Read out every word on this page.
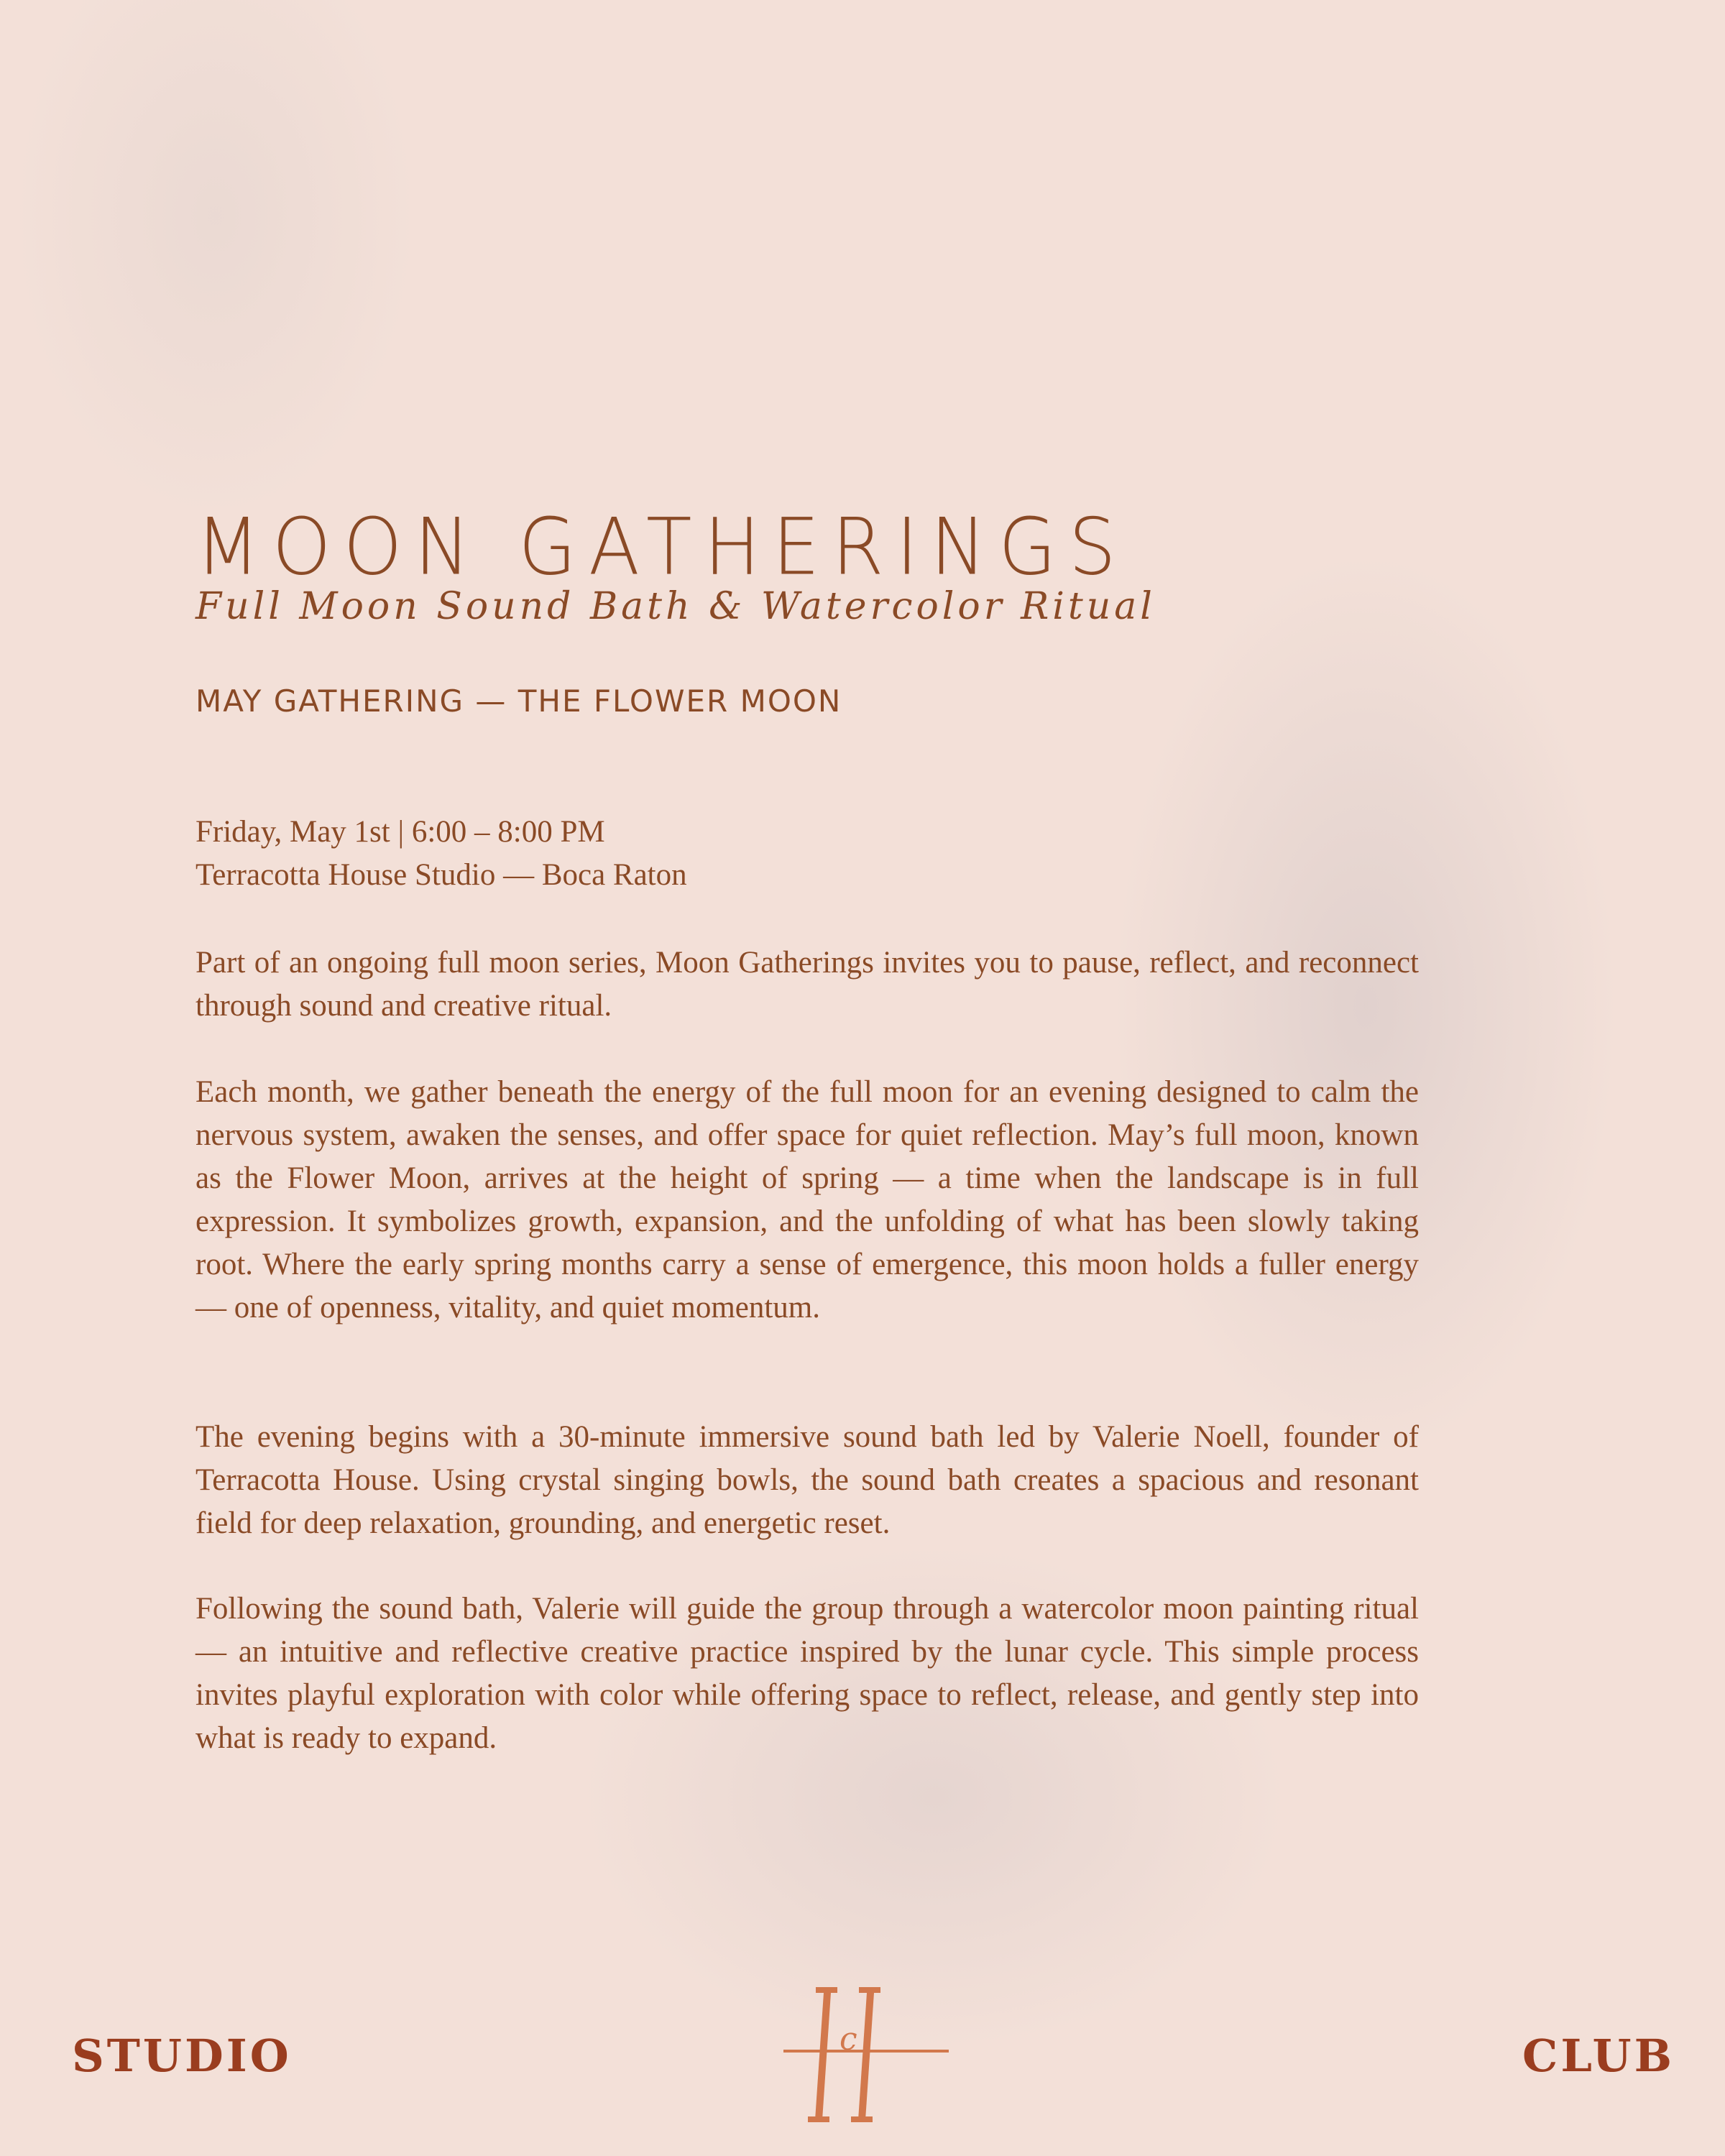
MOON GATHERINGS
Full Moon Sound Bath & Watercolor Ritual
MAY GATHERING — THE FLOWER MOON
Friday, May 1st | 6:00 – 8:00 PM
Terracotta House Studio — Boca Raton

Part of an ongoing full moon series, Moon Gatherings invites you to pause, reflect, and reconnect through sound and creative ritual.

Each month, we gather beneath the energy of the full moon for an evening designed to calm the nervous system, awaken the senses, and offer space for quiet reflection. May’s full moon, known as the Flower Moon, arrives at the height of spring — a time when the landscape is in full expression. It symbolizes growth, expansion, and the unfolding of what has been slowly taking root. Where the early spring months carry a sense of emergence, this moon holds a fuller energy — one of openness, vitality, and quiet momentum.

The evening begins with a 30-minute immersive sound bath led by Valerie Noell, founder of Terracotta House. Using crystal singing bowls, the sound bath creates a spacious and resonant field for deep relaxation, grounding, and energetic reset.

Following the sound bath, Valerie will guide the group through a watercolor moon painting ritual — an intuitive and reflective creative practice inspired by the lunar cycle. This simple process invites playful exploration with color while offering space to reflect, release, and gently step into what is ready to expand.

STUDIO	c	CLUB
